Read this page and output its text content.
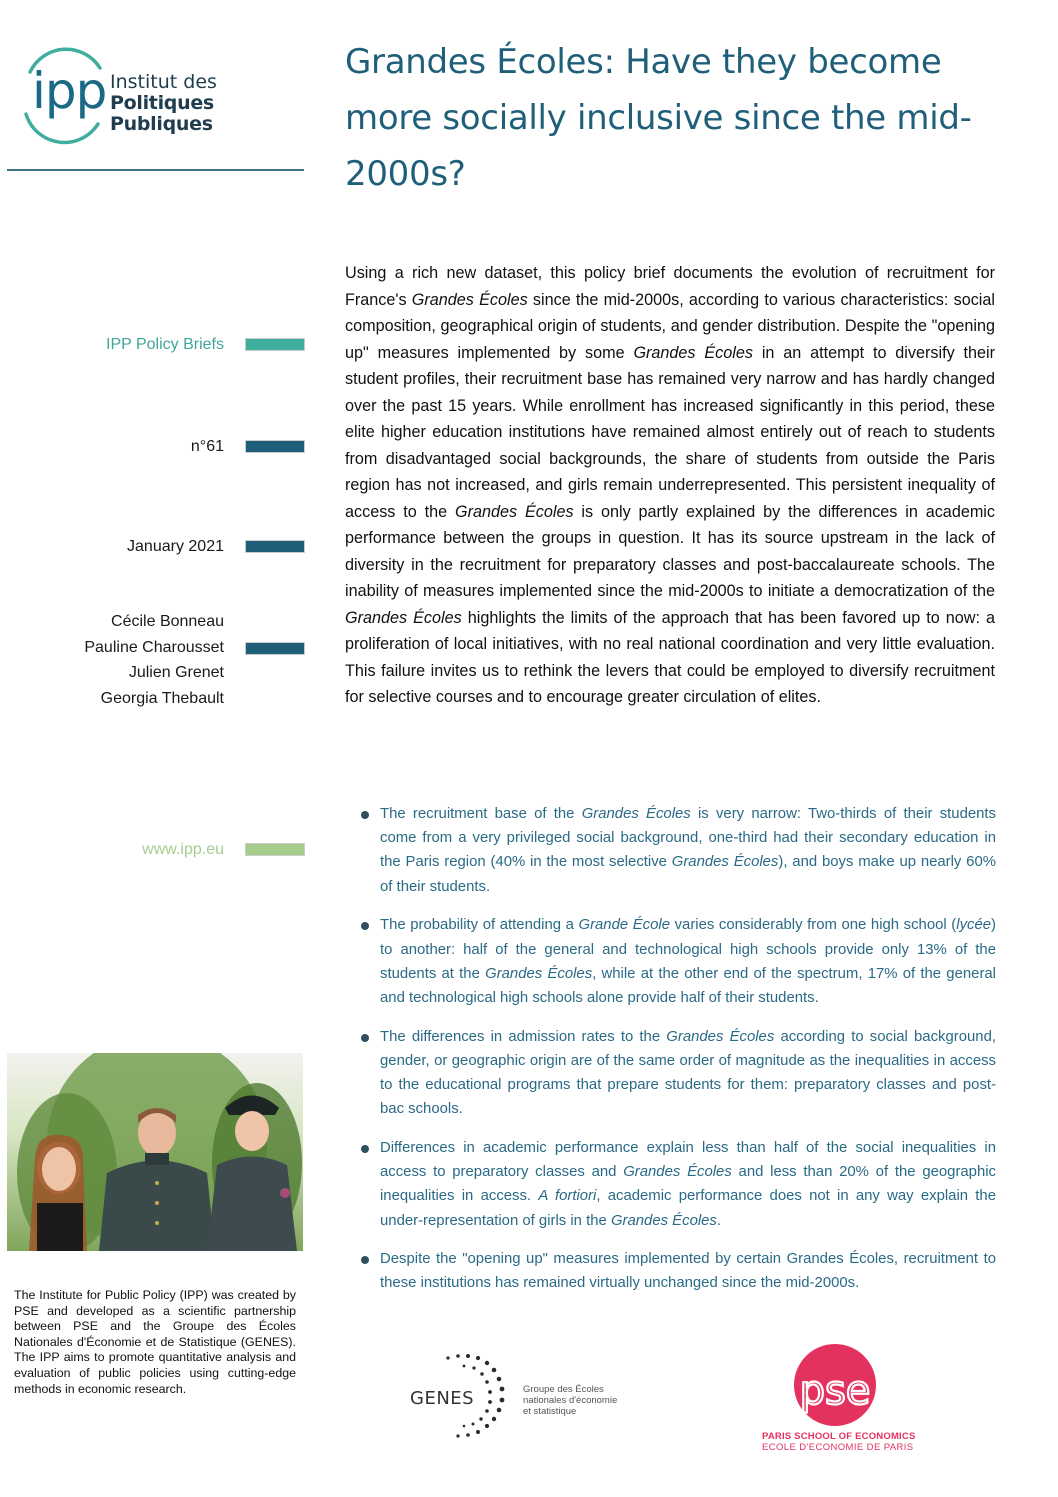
ipp Institut des
Politiques Publiques
IPP Policy Briefs
n°61
January 2021
Cécile Bonneau
Pauline Charousset
Julien Grenet
Georgia Thebault
www.ipp.eu

The Institute for Public Policy (IPP) was created by PSE and developed as a scientific partnership between PSE and the Groupe des Écoles Nationales d'Économie et de Statistique (GENES). The IPP aims to promote quantitative analysis and evaluation of public policies using cutting-edge methods in economic research.

Grandes Écoles: Have they become more socially inclusive since the mid-2000s?

Using a rich new dataset, this policy brief documents the evolution of recruitment for France's Grandes Écoles since the mid-2000s, according to various characteristics: social composition, geographical origin of students, and gender distribution. Despite the "opening up" measures implemented by some Grandes Écoles in an attempt to diversify their student profiles, their recruitment base has remained very narrow and has hardly changed over the past 15 years. While enrollment has increased significantly in this period, these elite higher education institutions have remained almost entirely out of reach to students from disadvantaged social backgrounds, the share of students from outside the Paris region has not increased, and girls remain underrepresented. This persistent inequality of access to the Grandes Écoles is only partly explained by the differences in academic performance between the groups in question. It has its source upstream in the lack of diversity in the recruitment for preparatory classes and post-baccalaureate schools. The inability of measures implemented since the mid-2000s to initiate a democratization of the Grandes Écoles highlights the limits of the approach that has been favored up to now: a proliferation of local initiatives, with no real national coordination and very little evaluation. This failure invites us to rethink the levers that could be employed to diversify recruitment for selective courses and to encourage greater circulation of elites.

The recruitment base of the Grandes Écoles is very narrow: Two-thirds of their students come from a very privileged social background, one-third had their secondary education in the Paris region (40% in the most selective Grandes Écoles), and boys make up nearly 60% of their students.
The probability of attending a Grande École varies considerably from one high school (lycée) to another: half of the general and technological high schools provide only 13% of the students at the Grandes Écoles, while at the other end of the spectrum, 17% of the general and technological high schools alone provide half of their students.
The differences in admission rates to the Grandes Écoles according to social background, gender, or geographic origin are of the same order of magnitude as the inequalities in access to the educational programs that prepare students for them: preparatory classes and post-bac schools.
Differences in academic performance explain less than half of the social inequalities in access to preparatory classes and Grandes Écoles and less than 20% of the geographic inequalities in access. A fortiori, academic performance does not in any way explain the under-representation of girls in the Grandes Écoles.
Despite the "opening up" measures implemented by certain Grandes Écoles, recruitment to these institutions has remained virtually unchanged since the mid-2000s.
GENES	Groupe des Écoles
nationales d'économie
et statistique	pse
PARIS SCHOOL OF ECONOMICS
ECOLE D'ECONOMIE DE PARIS
